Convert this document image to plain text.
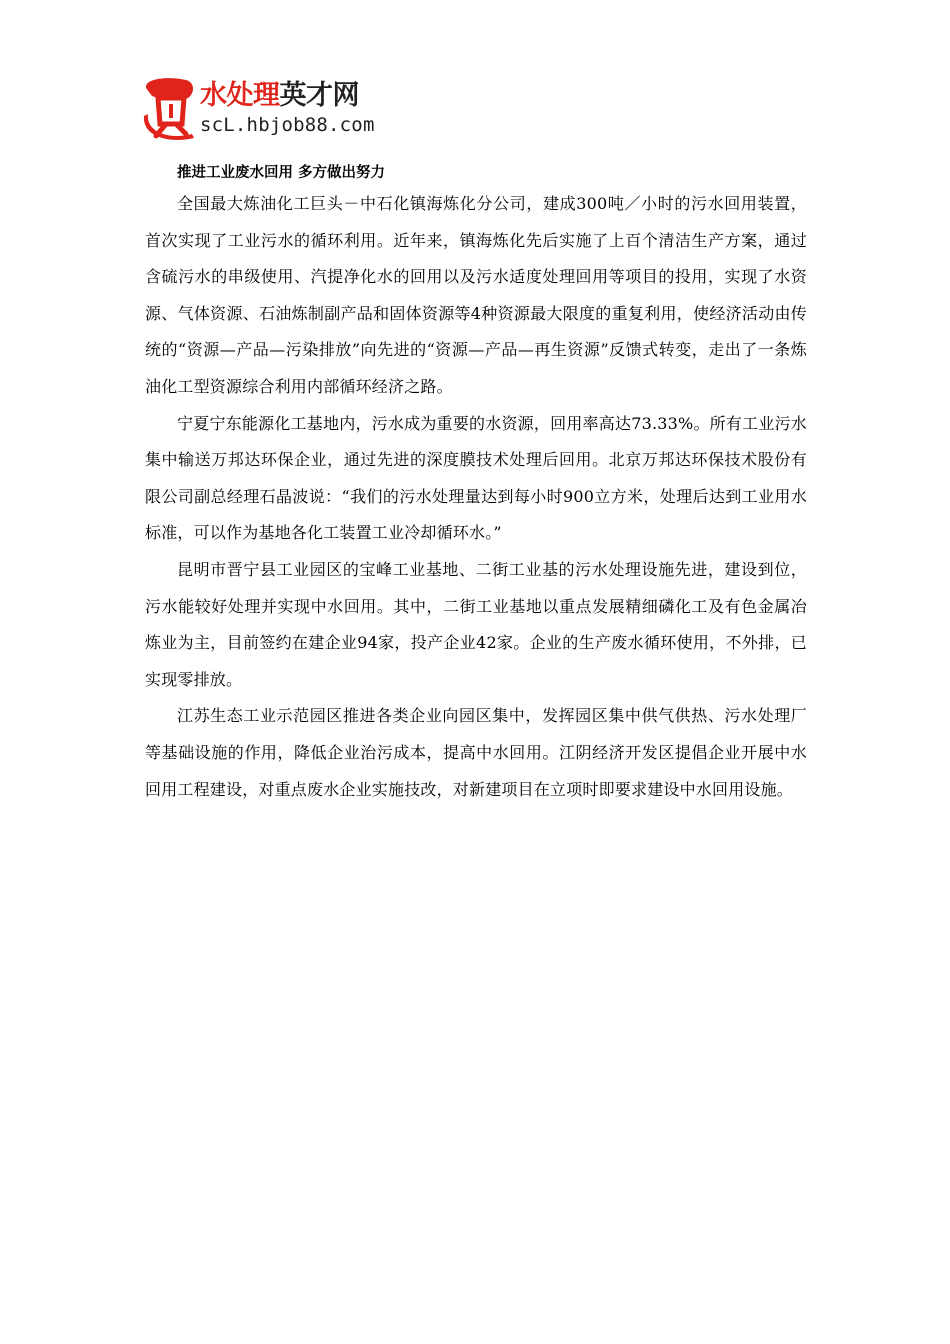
贤
水处理英才网
scL.hbjob88.com

推进工业废水回用 多方做出努力

全国最大炼油化工巨头－中石化镇海炼化分公司，建成300吨／小时的污水回用装置，首次实现了工业污水的循环利用。近年来，镇海炼化先后实施了上百个清洁生产方案，通过含硫污水的串级使用、汽提净化水的回用以及污水适度处理回用等项目的投用，实现了水资源、气体资源、石油炼制副产品和固体资源等4种资源最大限度的重复利用，使经济活动由传统的“资源—产品—污染排放”向先进的“资源—产品—再生资源”反馈式转变，走出了一条炼油化工型资源综合利用内部循环经济之路。

宁夏宁东能源化工基地内，污水成为重要的水资源，回用率高达73.33%。所有工业污水集中输送万邦达环保企业，通过先进的深度膜技术处理后回用。北京万邦达环保技术股份有限公司副总经理石晶波说：“我们的污水处理量达到每小时900立方米，处理后达到工业用水标准，可以作为基地各化工装置工业冷却循环水。”

昆明市晋宁县工业园区的宝峰工业基地、二街工业基的污水处理设施先进，建设到位，污水能较好处理并实现中水回用。其中，二街工业基地以重点发展精细磷化工及有色金属冶炼业为主，目前签约在建企业94家，投产企业42家。企业的生产废水循环使用，不外排，已实现零排放。

江苏生态工业示范园区推进各类企业向园区集中，发挥园区集中供气供热、污水处理厂等基础设施的作用，降低企业治污成本，提高中水回用。江阴经济开发区提倡企业开展中水回用工程建设，对重点废水企业实施技改，对新建项目在立项时即要求建设中水回用设施。
